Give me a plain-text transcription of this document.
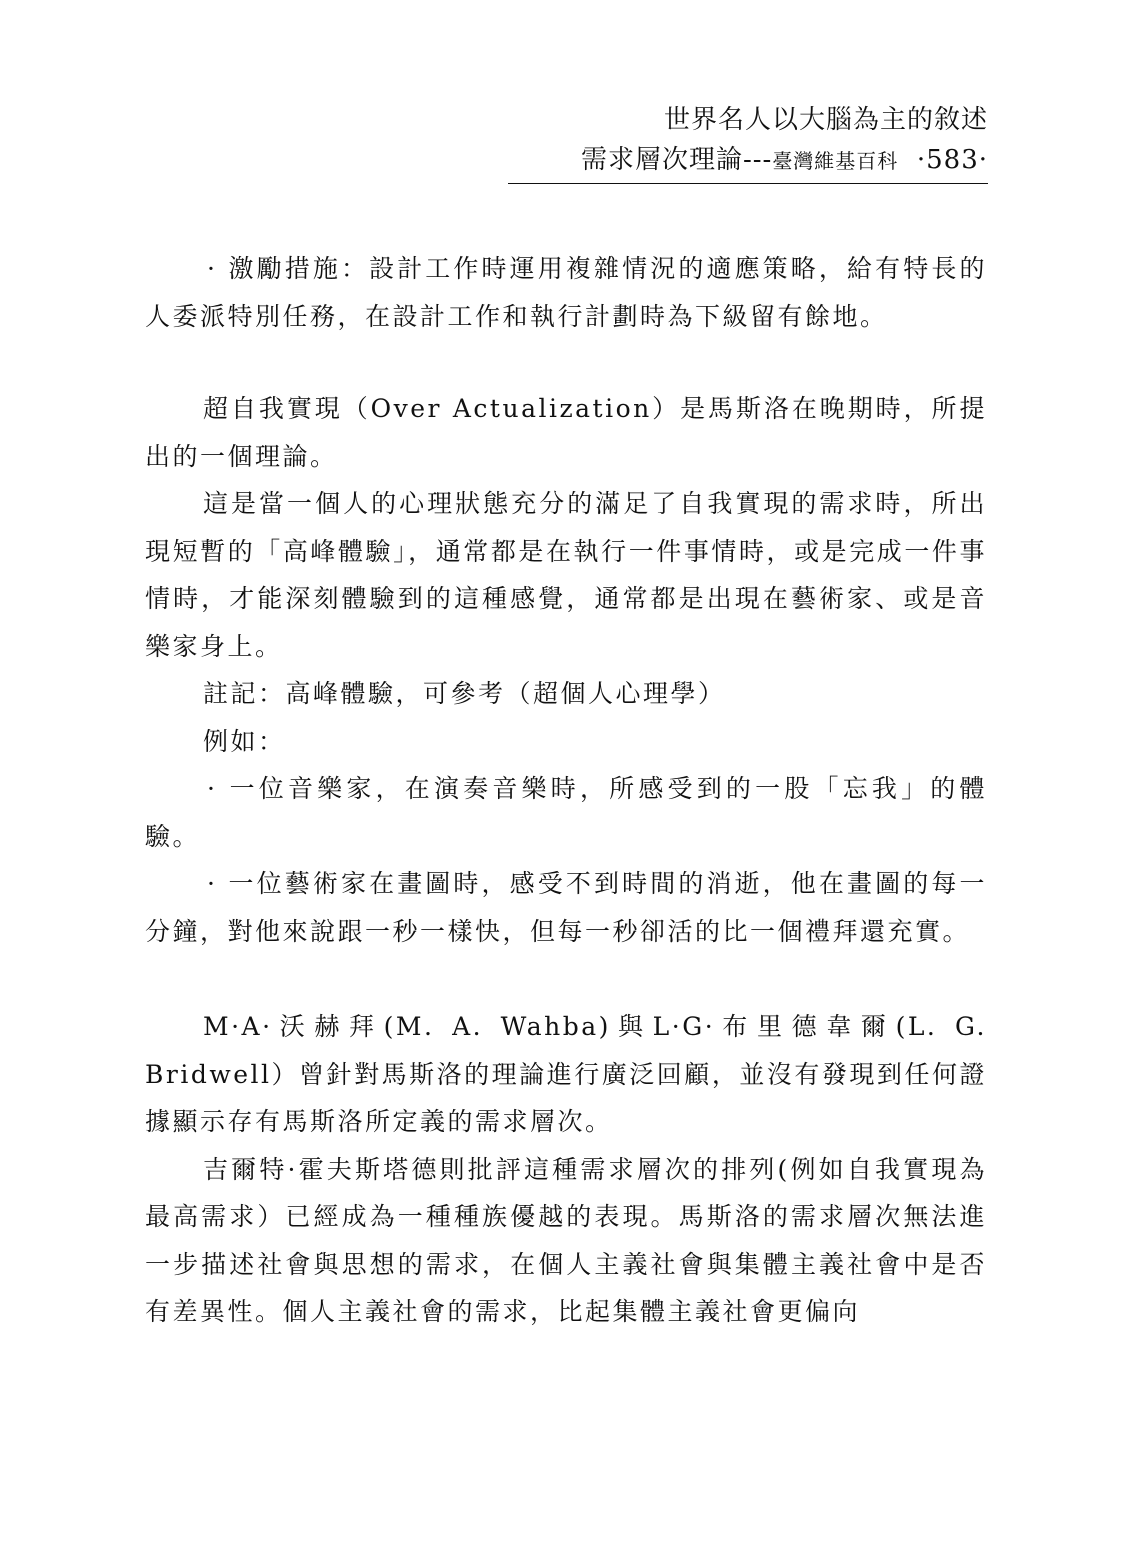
世界名人以大腦為主的敘述
需求層次理論---臺灣維基百科 ·583·

· 激勵措施：設計工作時運用複雜情況的適應策略，給有特長的人委派特別任務，在設計工作和執行計劃時為下級留有餘地。

超自我實現（Over Actualization）是馬斯洛在晚期時，所提出的一個理論。

這是當一個人的心理狀態充分的滿足了自我實現的需求時，所出現短暫的「高峰體驗」，通常都是在執行一件事情時，或是完成一件事情時，才能深刻體驗到的這種感覺，通常都是出現在藝術家、或是音樂家身上。

註記：高峰體驗，可參考（超個人心理學）

例如：

· 一位音樂家，在演奏音樂時，所感受到的一股「忘我」的體驗。

· 一位藝術家在畫圖時，感受不到時間的消逝，他在畫圖的每一分鐘，對他來說跟一秒一樣快，但每一秒卻活的比一個禮拜還充實。

M·A·沃赫拜(M. A. Wahba)與L·G·布里德韋爾(L. G. Bridwell）曾針對馬斯洛的理論進行廣泛回顧，並沒有發現到任何證據顯示存有馬斯洛所定義的需求層次。

吉爾特·霍夫斯塔德則批評這種需求層次的排列(例如自我實現為最高需求）已經成為一種種族優越的表現。馬斯洛的需求層次無法進一步描述社會與思想的需求，在個人主義社會與集體主義社會中是否有差異性。個人主義社會的需求，比起集體主義社會更偏向
